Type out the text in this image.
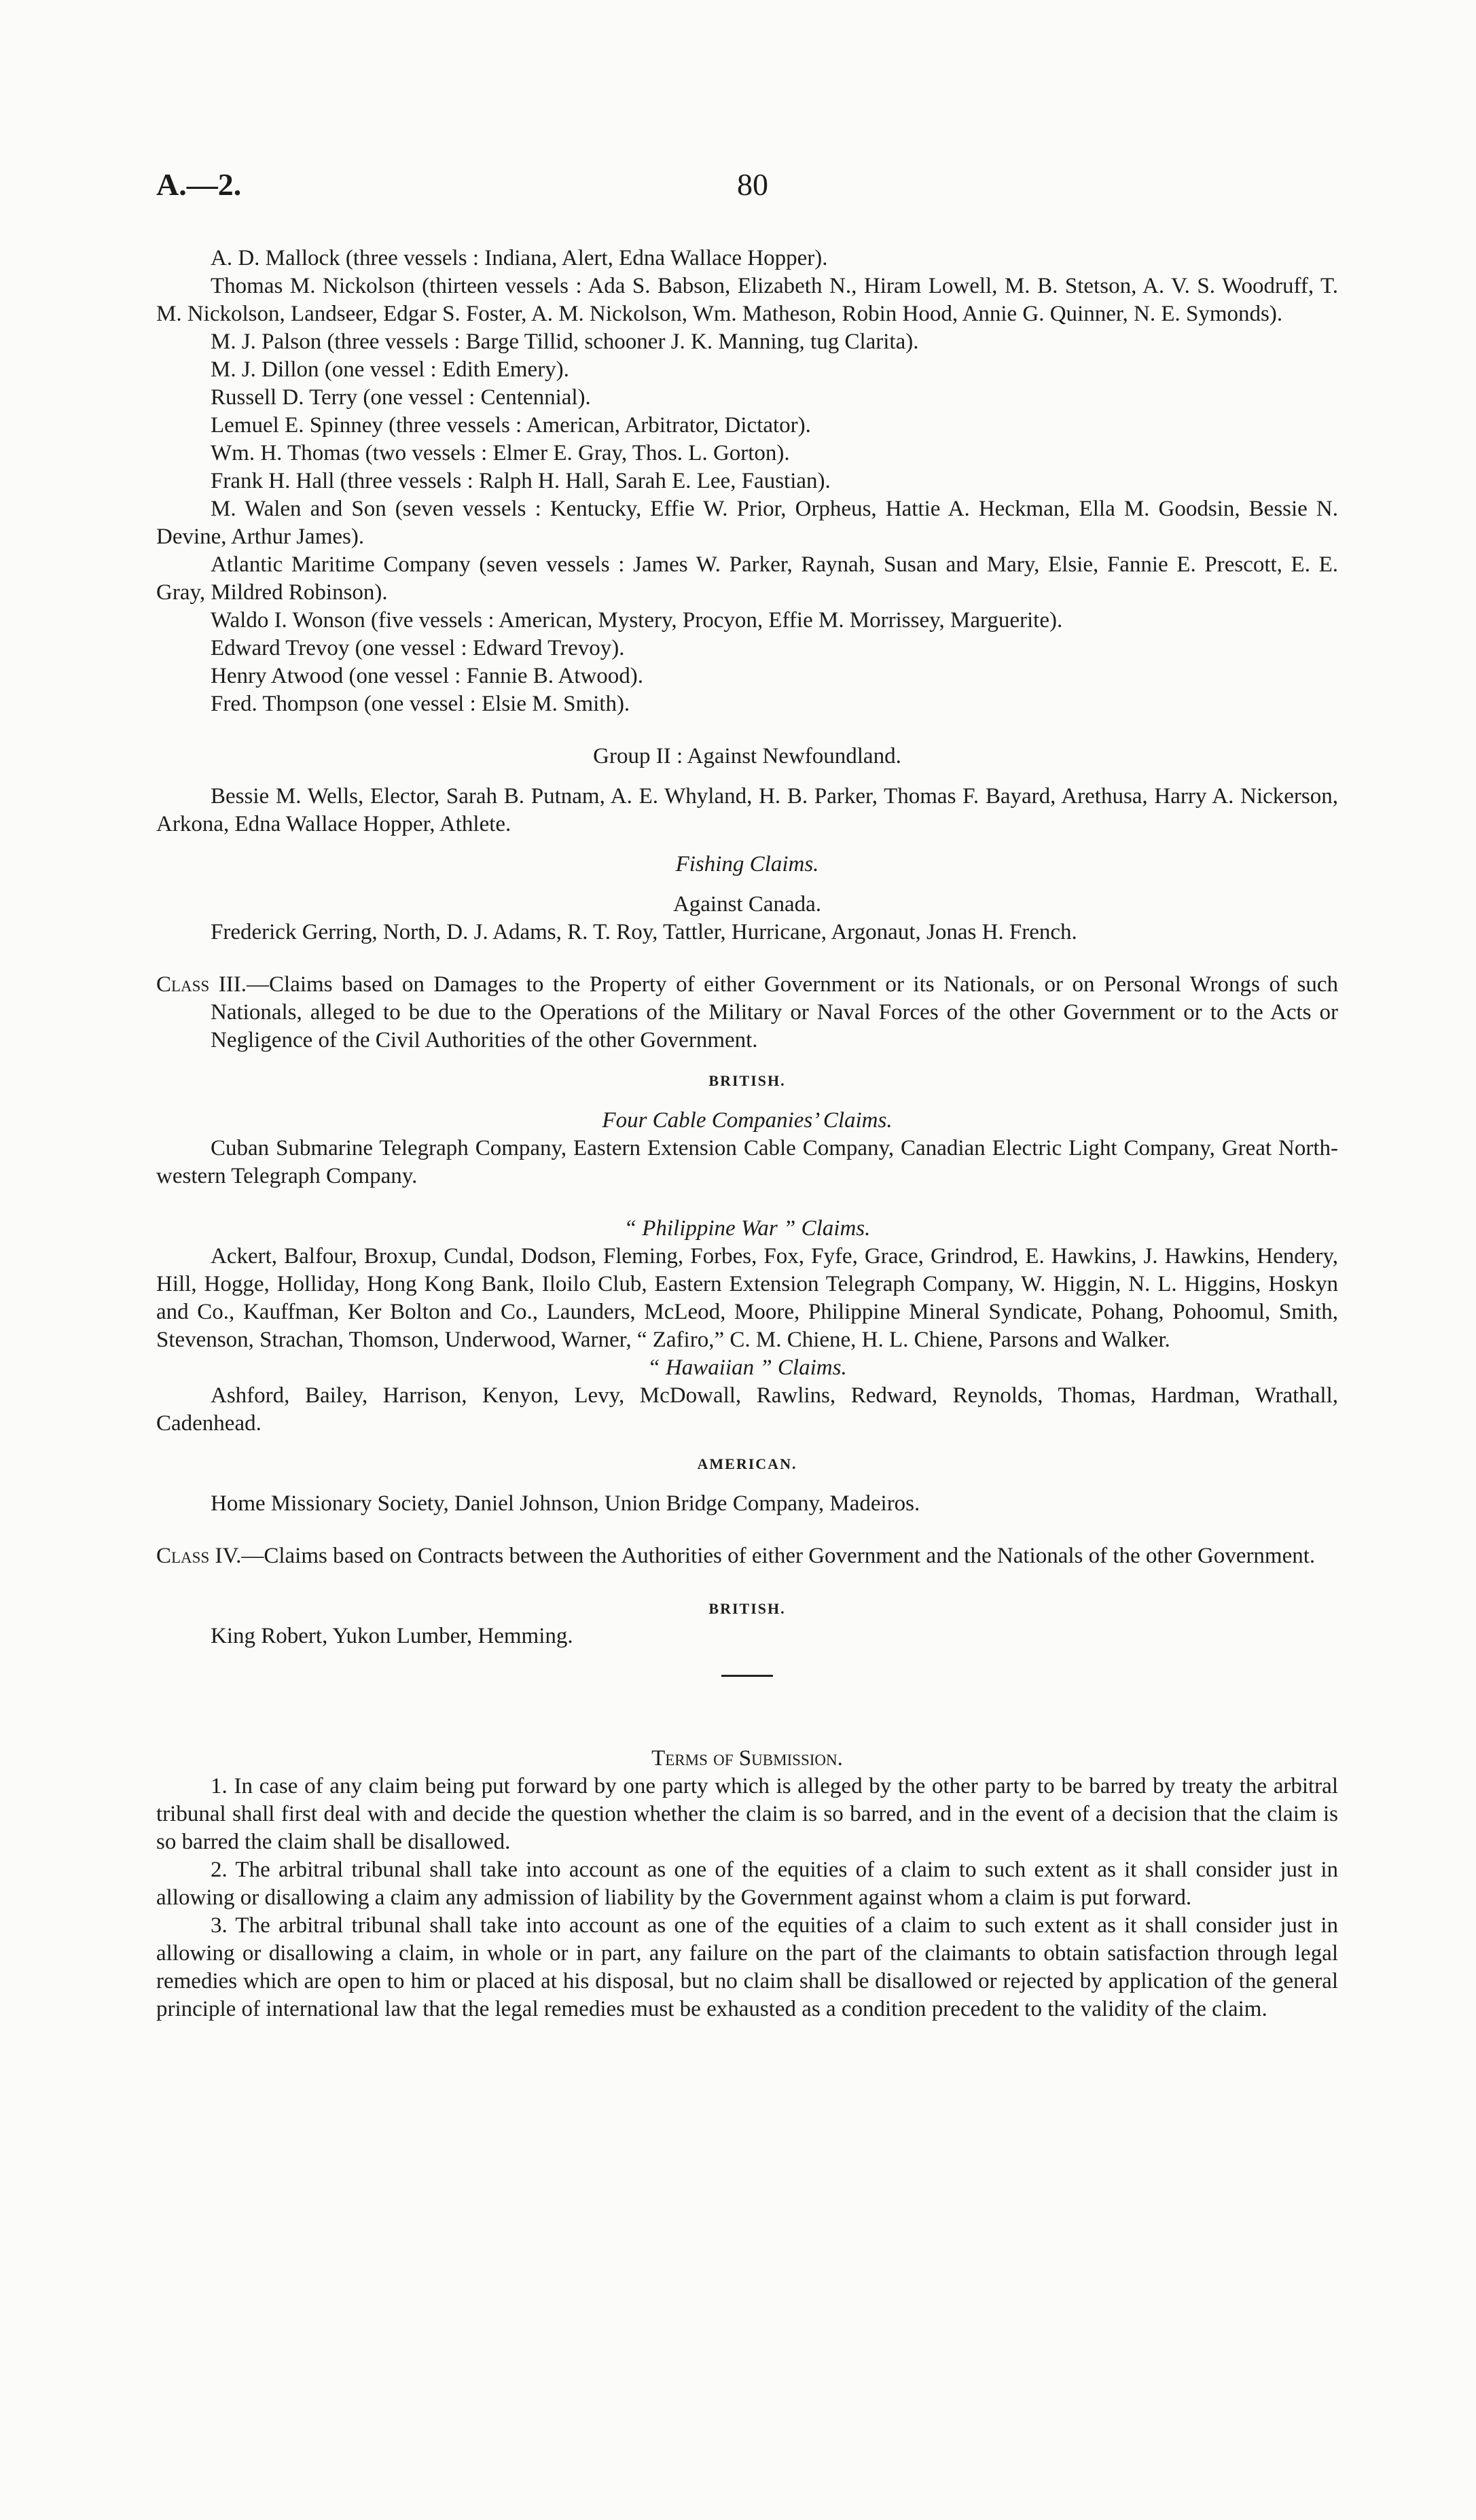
A.—2.	80

A. D. Mallock (three vessels : Indiana, Alert, Edna Wallace Hopper).

Thomas M. Nickolson (thirteen vessels : Ada S. Babson, Elizabeth N., Hiram Lowell, M. B. Stetson, A. V. S. Woodruff, T. M. Nickolson, Landseer, Edgar S. Foster, A. M. Nickolson, Wm. Matheson, Robin Hood, Annie G. Quinner, N. E. Symonds).

M. J. Palson (three vessels : Barge Tillid, schooner J. K. Manning, tug Clarita).

M. J. Dillon (one vessel : Edith Emery).

Russell D. Terry (one vessel : Centennial).

Lemuel E. Spinney (three vessels : American, Arbitrator, Dictator).

Wm. H. Thomas (two vessels : Elmer E. Gray, Thos. L. Gorton).

Frank H. Hall (three vessels : Ralph H. Hall, Sarah E. Lee, Faustian).

M. Walen and Son (seven vessels : Kentucky, Effie W. Prior, Orpheus, Hattie A. Heckman, Ella M. Goodsin, Bessie N. Devine, Arthur James).

Atlantic Maritime Company (seven vessels : James W. Parker, Raynah, Susan and Mary, Elsie, Fannie E. Prescott, E. E. Gray, Mildred Robinson).

Waldo I. Wonson (five vessels : American, Mystery, Procyon, Effie M. Morrissey, Marguerite).

Edward Trevoy (one vessel : Edward Trevoy).

Henry Atwood (one vessel : Fannie B. Atwood).

Fred. Thompson (one vessel : Elsie M. Smith).

Group II : Against Newfoundland.

Bessie M. Wells, Elector, Sarah B. Putnam, A. E. Whyland, H. B. Parker, Thomas F. Bayard, Arethusa, Harry A. Nickerson, Arkona, Edna Wallace Hopper, Athlete.

Fishing Claims.

Against Canada.

Frederick Gerring, North, D. J. Adams, R. T. Roy, Tattler, Hurricane, Argonaut, Jonas H. French.

Class III.—Claims based on Damages to the Property of either Government or its Nationals, or on Personal Wrongs of such Nationals, alleged to be due to the Operations of the Military or Naval Forces of the other Government or to the Acts or Negligence of the Civil Authorities of the other Government.

BRITISH.

Four Cable Companies’ Claims.

Cuban Submarine Telegraph Company, Eastern Extension Cable Company, Canadian Electric Light Company, Great North-western Telegraph Company.

“ Philippine War ” Claims.

Ackert, Balfour, Broxup, Cundal, Dodson, Fleming, Forbes, Fox, Fyfe, Grace, Grindrod, E. Hawkins, J. Hawkins, Hendery, Hill, Hogge, Holliday, Hong Kong Bank, Iloilo Club, Eastern Extension Telegraph Company, W. Higgin, N. L. Higgins, Hoskyn and Co., Kauffman, Ker Bolton and Co., Launders, McLeod, Moore, Philippine Mineral Syndicate, Pohang, Pohoomul, Smith, Stevenson, Strachan, Thomson, Underwood, Warner, “ Zafiro,” C. M. Chiene, H. L. Chiene, Parsons and Walker.

“ Hawaiian ” Claims.

Ashford, Bailey, Harrison, Kenyon, Levy, McDowall, Rawlins, Redward, Reynolds, Thomas, Hardman, Wrathall, Cadenhead.

AMERICAN.

Home Missionary Society, Daniel Johnson, Union Bridge Company, Madeiros.

Class IV.—Claims based on Contracts between the Authorities of either Government and the Nationals of the other Government.

BRITISH.

King Robert, Yukon Lumber, Hemming.

Terms of Submission.

1. In case of any claim being put forward by one party which is alleged by the other party to be barred by treaty the arbitral tribunal shall first deal with and decide the question whether the claim is so barred, and in the event of a decision that the claim is so barred the claim shall be disallowed.

2. The arbitral tribunal shall take into account as one of the equities of a claim to such extent as it shall consider just in allowing or disallowing a claim any admission of liability by the Government against whom a claim is put forward.

3. The arbitral tribunal shall take into account as one of the equities of a claim to such extent as it shall consider just in allowing or disallowing a claim, in whole or in part, any failure on the part of the claimants to obtain satisfaction through legal remedies which are open to him or placed at his disposal, but no claim shall be disallowed or rejected by application of the general principle of international law that the legal remedies must be exhausted as a condition precedent to the validity of the claim.
